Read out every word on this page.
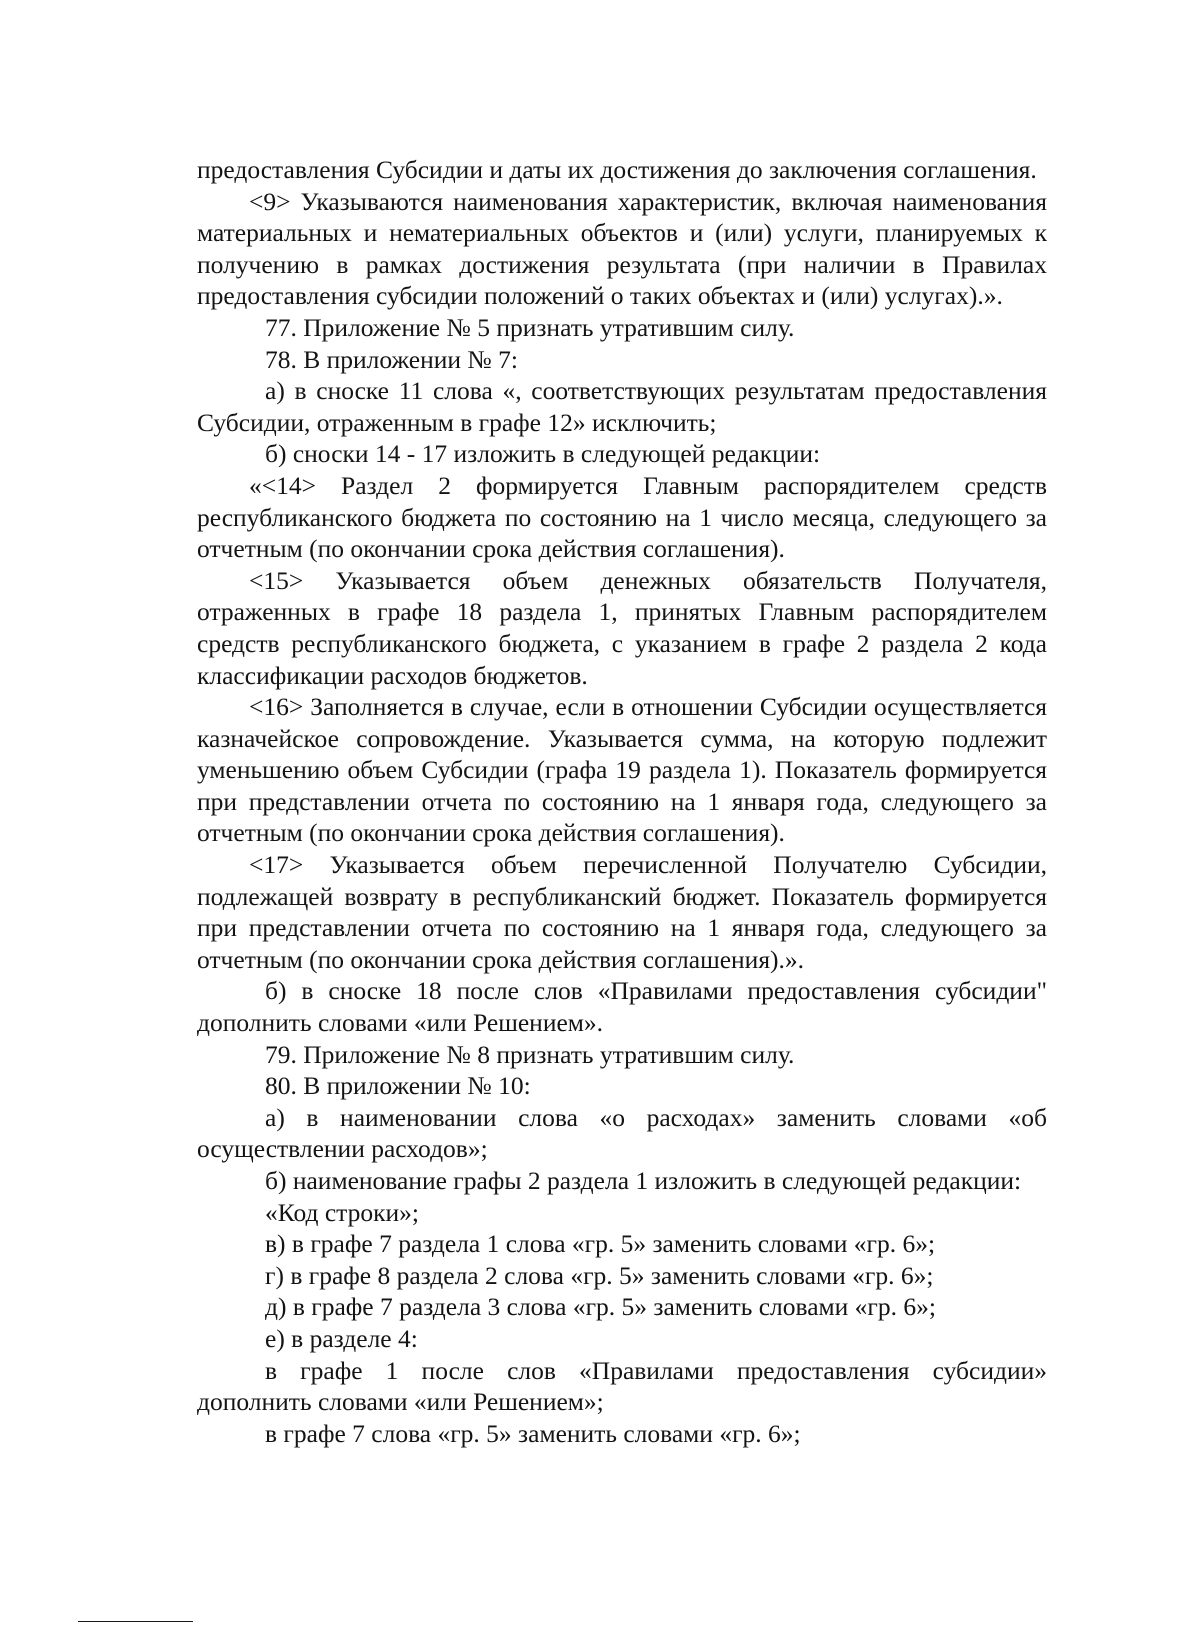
предоставления Субсидии и даты их достижения до заключения соглашения.

<9> Указываются наименования характеристик, включая наименования материальных и нематериальных объектов и (или) услуги, планируемых к получению в рамках достижения результата (при наличии в Правилах предоставления субсидии положений о таких объектах и (или) услугах).».

77. Приложение № 5 признать утратившим силу.

78. В приложении № 7:

а) в сноске 11 слова «, соответствующих результатам предоставления Субсидии, отраженным в графе 12» исключить;

б) сноски 14 - 17 изложить в следующей редакции:

«<14> Раздел 2 формируется Главным распорядителем средств республиканского бюджета по состоянию на 1 число месяца, следующего за отчетным (по окончании срока действия соглашения).

<15> Указывается объем денежных обязательств Получателя, отраженных в графе 18 раздела 1, принятых Главным распорядителем средств республиканского бюджета, с указанием в графе 2 раздела 2 кода классификации расходов бюджетов.

<16> Заполняется в случае, если в отношении Субсидии осуществляется казначейское сопровождение. Указывается сумма, на которую подлежит уменьшению объем Субсидии (графа 19 раздела 1). Показатель формируется при представлении отчета по состоянию на 1 января года, следующего за отчетным (по окончании срока действия соглашения).

<17> Указывается объем перечисленной Получателю Субсидии, подлежащей возврату в республиканский бюджет. Показатель формируется при представлении отчета по состоянию на 1 января года, следующего за отчетным (по окончании срока действия соглашения).».

б) в сноске 18 после слов «Правилами предоставления субсидии" дополнить словами «или Решением».

79. Приложение № 8 признать утратившим силу.

80. В приложении № 10:

а) в наименовании слова «о расходах» заменить словами «об осуществлении расходов»;

б) наименование графы 2 раздела 1 изложить в следующей редакции:

«Код строки»;

в) в графе 7 раздела 1 слова «гр. 5» заменить словами «гр. 6»;

г) в графе 8 раздела 2 слова «гр. 5» заменить словами «гр. 6»;

д) в графе 7 раздела 3 слова «гр. 5» заменить словами «гр. 6»;

е) в разделе 4:

в графе 1 после слов «Правилами предоставления субсидии» дополнить словами «или Решением»;

в графе 7 слова «гр. 5» заменить словами «гр. 6»;
